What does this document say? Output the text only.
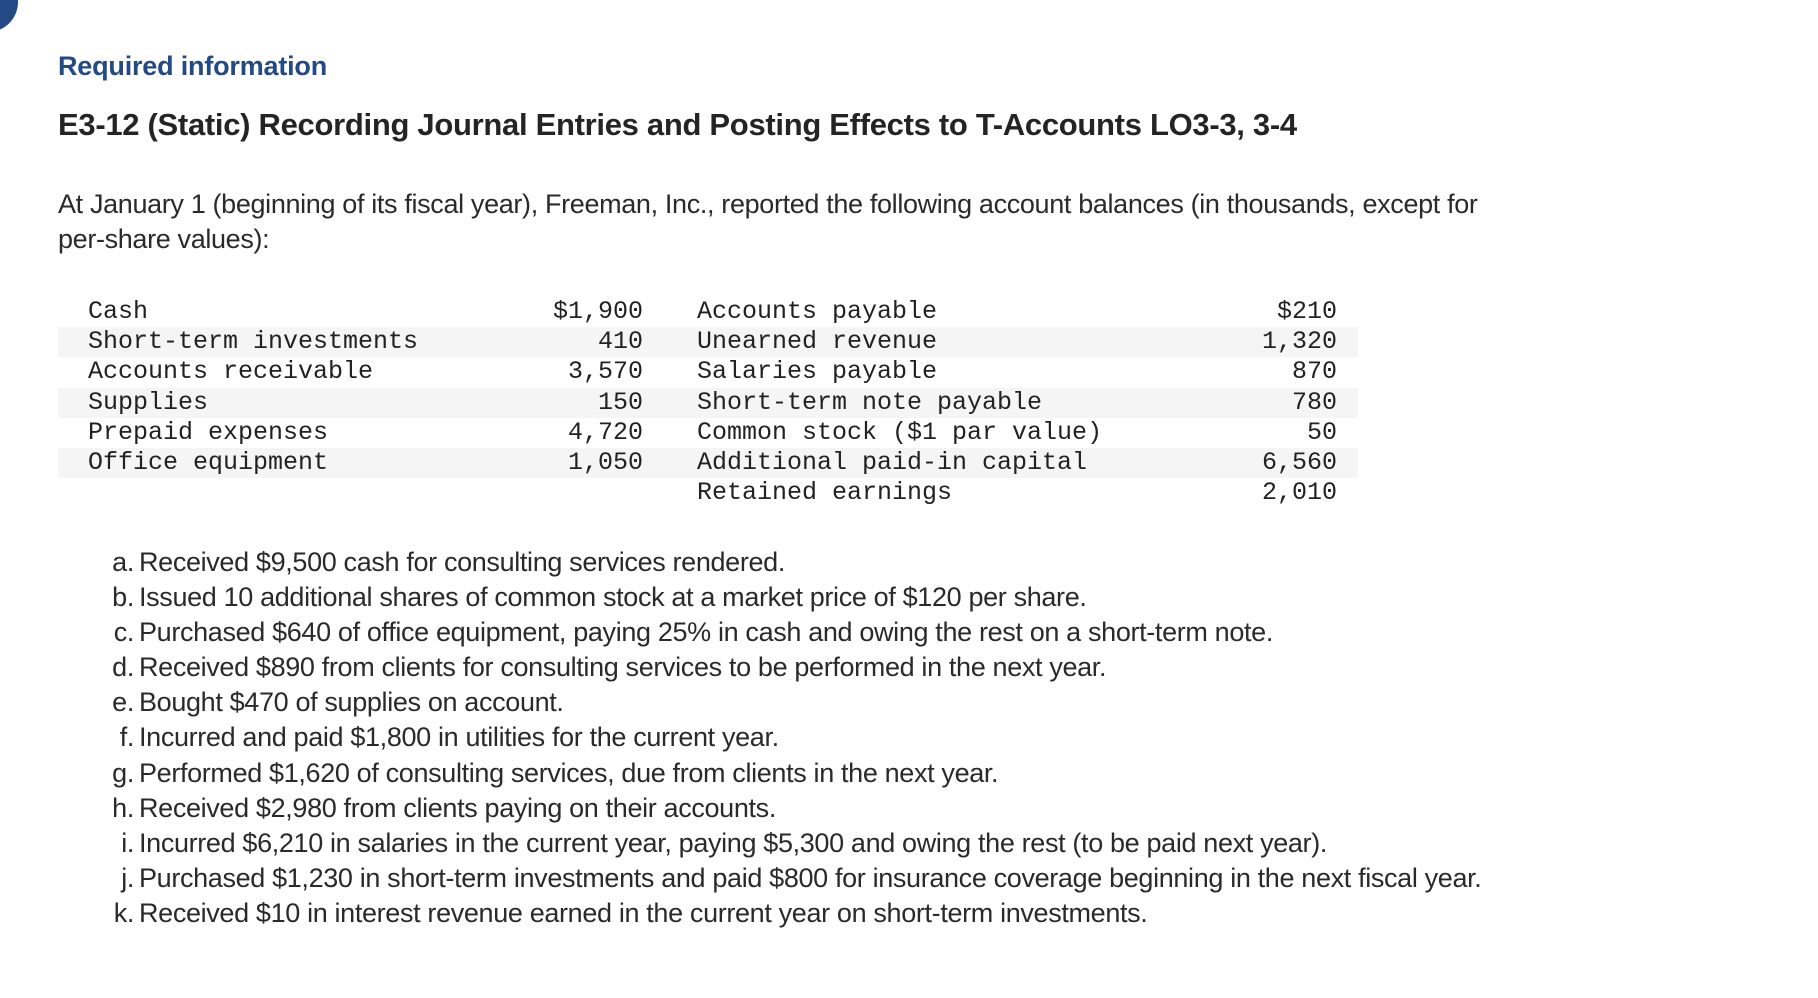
Required information
E3-12 (Static) Recording Journal Entries and Posting Effects to T-Accounts LO3-3, 3-4
At January 1 (beginning of its fiscal year), Freeman, Inc., reported the following account balances (in thousands, except for
per-share values):
Cash	$1,900 Accounts payable	$210
Short-term investments	410 Unearned revenue	1,320
Accounts receivable	3,570 Salaries payable	870
Supplies	150 Short-term note payable	780
Prepaid expenses	4,720 Common stock ($1 par value)	50
Office equipment	1,050 Additional paid-in capital	6,560
Retained earnings	2,010
a. Received $9,500 cash for consulting services rendered.
b. Issued 10 additional shares of common stock at a market price of $120 per share.
c. Purchased $640 of office equipment, paying 25% in cash and owing the rest on a short-term note.
d. Received $890 from clients for consulting services to be performed in the next year.
e. Bought $470 of supplies on account.
f. Incurred and paid $1,800 in utilities for the current year.
g. Performed $1,620 of consulting services, due from clients in the next year.
h. Received $2,980 from clients paying on their accounts.
i. Incurred $6,210 in salaries in the current year, paying $5,300 and owing the rest (to be paid next year).
j. Purchased $1,230 in short-term investments and paid $800 for insurance coverage beginning in the next fiscal year.
k. Received $10 in interest revenue earned in the current year on short-term investments.
